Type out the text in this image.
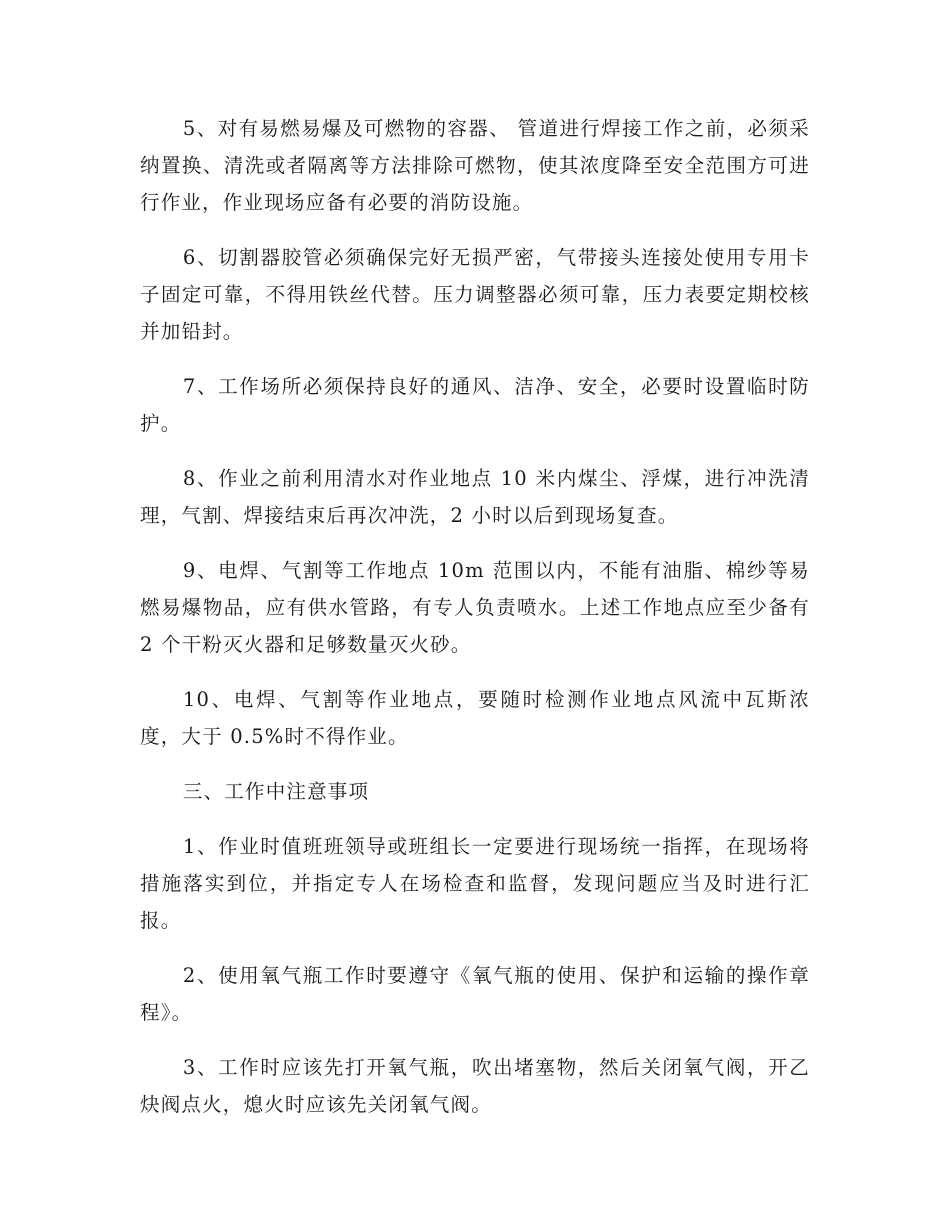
5、对有易燃易爆及可燃物的容器、 管道进行焊接工作之前，必须采纳置换、清洗或者隔离等方法排除可燃物，使其浓度降至安全范围方可进行作业，作业现场应备有必要的消防设施。

6、切割器胶管必须确保完好无损严密，气带接头连接处使用专用卡子固定可靠，不得用铁丝代替。压力调整器必须可靠，压力表要定期校核并加铅封。

7、工作场所必须保持良好的通风、洁净、安全，必要时设置临时防护。

8、作业之前利用清水对作业地点 10 米内煤尘、浮煤，进行冲洗清理，气割、焊接结束后再次冲洗，2 小时以后到现场复查。

9、电焊、气割等工作地点 10m 范围以内，不能有油脂、棉纱等易燃易爆物品，应有供水管路，有专人负责喷水。上述工作地点应至少备有 2 个干粉灭火器和足够数量灭火砂。

10、电焊、气割等作业地点，要随时检测作业地点风流中瓦斯浓度，大于 0.5%时不得作业。

三、工作中注意事项

1、作业时值班班领导或班组长一定要进行现场统一指挥，在现场将措施落实到位，并指定专人在场检查和监督，发现问题应当及时进行汇报。

2、使用氧气瓶工作时要遵守《氧气瓶的使用、保护和运输的操作章程》。

3、工作时应该先打开氧气瓶，吹出堵塞物，然后关闭氧气阀，开乙炔阀点火，熄火时应该先关闭氧气阀。
